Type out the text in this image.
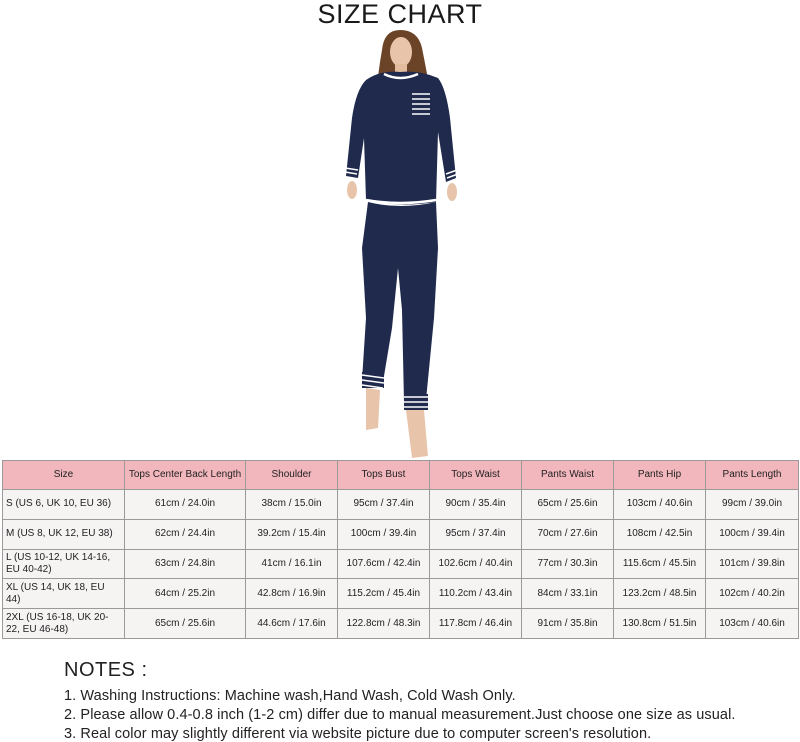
SIZE CHART
Size	Tops Center Back Length	Shoulder	Tops Bust	Tops Waist	Pants Waist	Pants Hip	Pants Length
S (US 6, UK 10, EU 36)	61cm / 24.0in	38cm / 15.0in	95cm / 37.4in	90cm / 35.4in	65cm / 25.6in	103cm / 40.6in	99cm / 39.0in
M (US 8, UK 12, EU 38)	62cm / 24.4in	39.2cm / 15.4in	100cm / 39.4in	95cm / 37.4in	70cm / 27.6in	108cm / 42.5in	100cm / 39.4in
L (US 10-12, UK 14-16, EU 40-42)	63cm / 24.8in	41cm / 16.1in	107.6cm / 42.4in	102.6cm / 40.4in	77cm / 30.3in	115.6cm / 45.5in	101cm / 39.8in
XL (US 14, UK 18, EU 44)	64cm / 25.2in	42.8cm / 16.9in	115.2cm / 45.4in	110.2cm / 43.4in	84cm / 33.1in	123.2cm / 48.5in	102cm / 40.2in
2XL (US 16-18, UK 20-22, EU 46-48)	65cm / 25.6in	44.6cm / 17.6in	122.8cm / 48.3in	117.8cm / 46.4in	91cm / 35.8in	130.8cm / 51.5in	103cm / 40.6in
NOTES :
1. Washing Instructions: Machine wash,Hand Wash, Cold Wash Only.
2. Please allow 0.4-0.8 inch (1-2 cm) differ due to manual measurement.Just choose one size as usual.
3. Real color may slightly different via website picture due to computer screen's resolution.
